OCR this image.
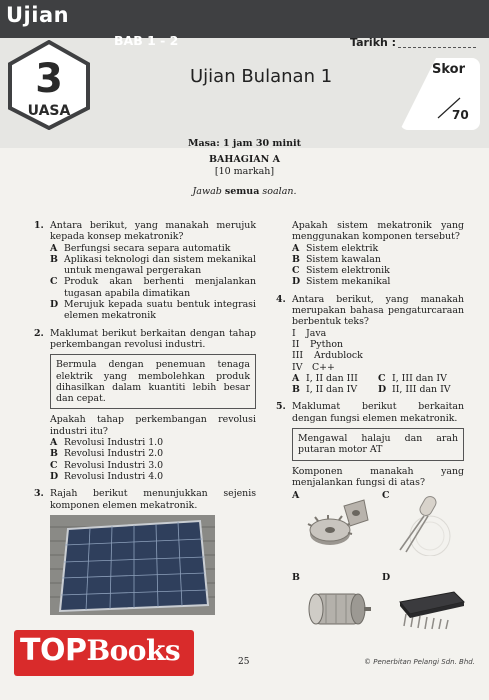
Ujian
3
UASA
BAB 1 - 2	Tarikh :
Ujian Bulanan 1	Skor
70
Masa: 1 jam 30 minit
BAHAGIAN A
[10 markah]
Jawab semua soalan.
1. Antara berikut, yang manakah merujuk kepada konsep mekatronik?
A Berfungsi secara separa automatik
B Aplikasi teknologi dan sistem mekanikal untuk mengawal pergerakan
C Produk akan berhenti menjalankan tugasan apabila dimatikan
D Merujuk kepada suatu bentuk integrasi elemen mekatronik
2. Maklumat berikut berkaitan dengan tahap perkembangan revolusi industri.
Bermula dengan penemuan tenaga elektrik yang membolehkan produk dihasilkan dalam kuantiti lebih besar dan cepat.
Apakah tahap perkembangan revolusi industri itu?
A Revolusi Industri 1.0
B Revolusi Industri 2.0
C Revolusi Industri 3.0
D Revolusi Industri 4.0
3. Rajah berikut menunjukkan sejenis komponen elemen mekatronik.
Apakah sistem mekatronik yang menggunakan komponen tersebut?
A Sistem elektrik
B Sistem kawalan
C Sistem elektronik
D Sistem mekanikal
4. Antara berikut, yang manakah merupakan bahasa pengaturcaraan berbentuk teks?
I Java
II Python
III Ardublock
IV C++
A I, II dan III	C I, III dan IV
B I, II dan IV	D II, III dan IV
5. Maklumat berikut berkaitan dengan fungsi elemen mekatronik.
Mengawal halaju dan arah putaran motor AT
Komponen manakah yang menjalankan fungsi di atas?
A	C
B	D
TOPBooks	25	© Penerbitan Pelangi Sdn. Bhd.
